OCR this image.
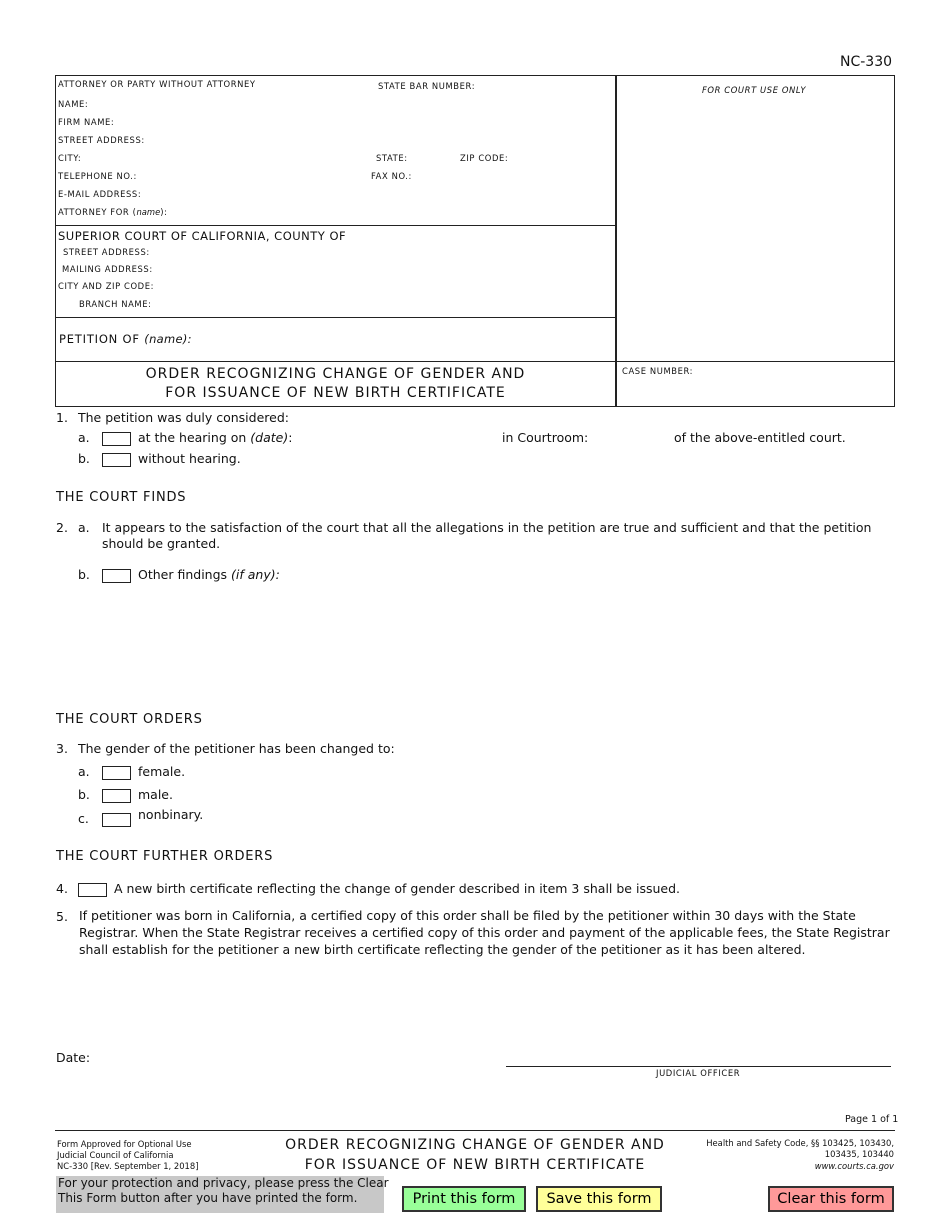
NC-330
ATTORNEY OR PARTY WITHOUT ATTORNEY	STATE BAR NUMBER:
NAME:
FIRM NAME:
STREET ADDRESS:
CITY:	STATE:	ZIP CODE:
TELEPHONE NO.:	FAX NO.:
E-MAIL ADDRESS:
ATTORNEY FOR (name):
FOR COURT USE ONLY
SUPERIOR COURT OF CALIFORNIA, COUNTY OF
STREET ADDRESS:
MAILING ADDRESS:
CITY AND ZIP CODE:
BRANCH NAME:
PETITION OF (name):
ORDER RECOGNIZING CHANGE OF GENDER AND
FOR ISSUANCE OF NEW BIRTH CERTIFICATE
CASE NUMBER:
1. The petition was duly considered:
a.	at the hearing on (date):	in Courtroom:	of the above-entitled court.
b.	without hearing.
THE COURT FINDS
2. a. It appears to the satisfaction of the court that all the allegations in the petition are true and sufficient and that the petition
should be granted.
b.	Other findings (if any):
THE COURT ORDERS
3. The gender of the petitioner has been changed to:
a.	female.
b.	male.
c.	nonbinary.
THE COURT FURTHER ORDERS
4.	A new birth certificate reflecting the change of gender described in item 3 shall be issued.
5. If petitioner was born in California, a certified copy of this order shall be filed by the petitioner within 30 days with the State
Registrar. When the State Registrar receives a certified copy of this order and payment of the applicable fees, the State Registrar
shall establish for the petitioner a new birth certificate reflecting the gender of the petitioner as it has been altered.
Date:
JUDICIAL OFFICER
Page 1 of 1
Form Approved for Optional Use
Judicial Council of California
NC-330 [Rev. September 1, 2018]
ORDER RECOGNIZING CHANGE OF GENDER AND
FOR ISSUANCE OF NEW BIRTH CERTIFICATE
Health and Safety Code, §§ 103425, 103430,
103435, 103440
www.courts.ca.gov
For your protection and privacy, please press the Clear
This Form button after you have printed the form.	Print this form	Save this form	Clear this form
